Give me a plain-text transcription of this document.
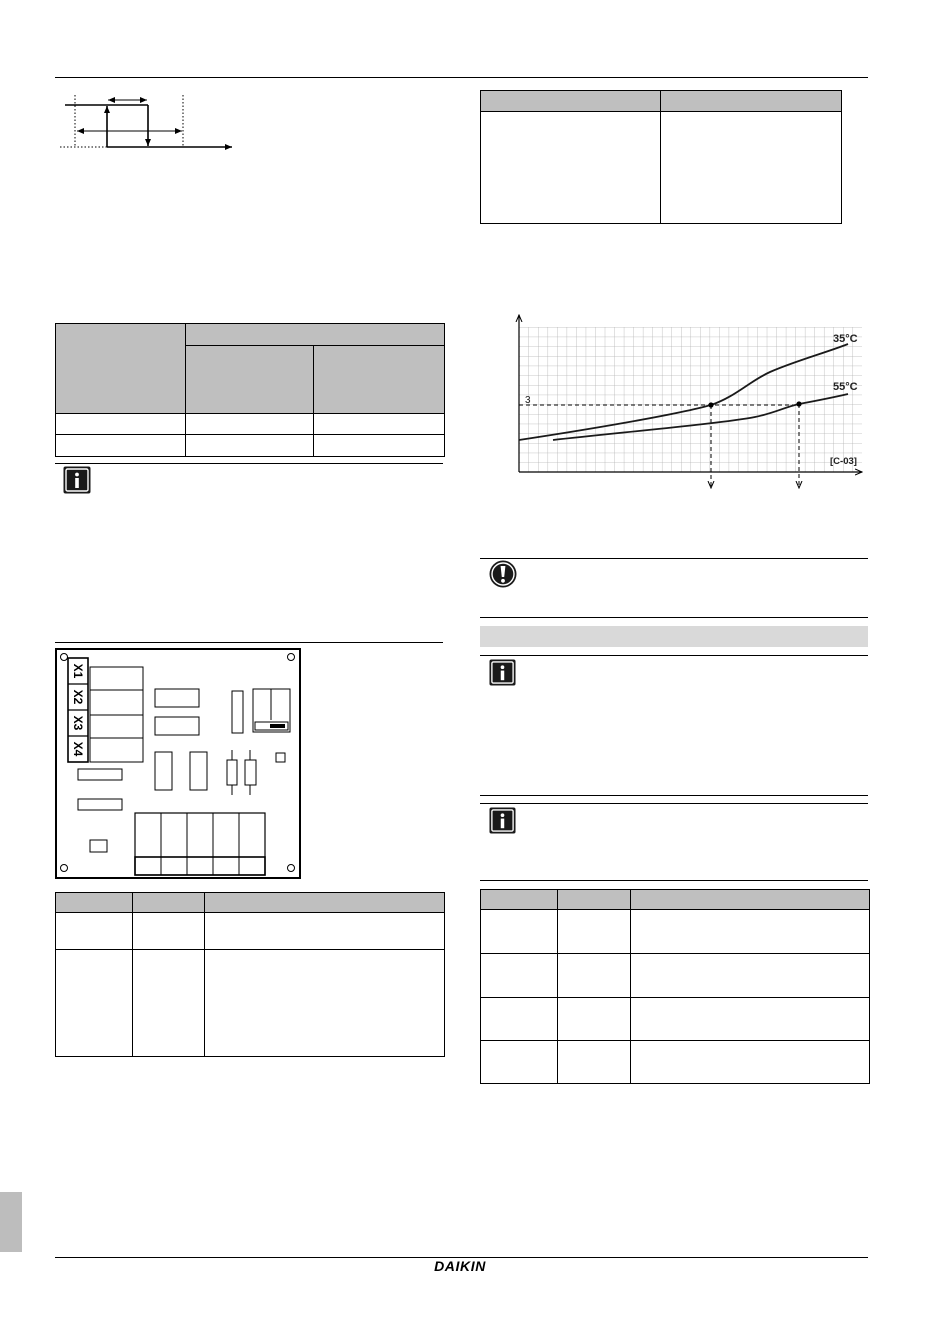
X1
X2
X3
X4

35°C
55°C
3
[C-03]

DAIKIN
